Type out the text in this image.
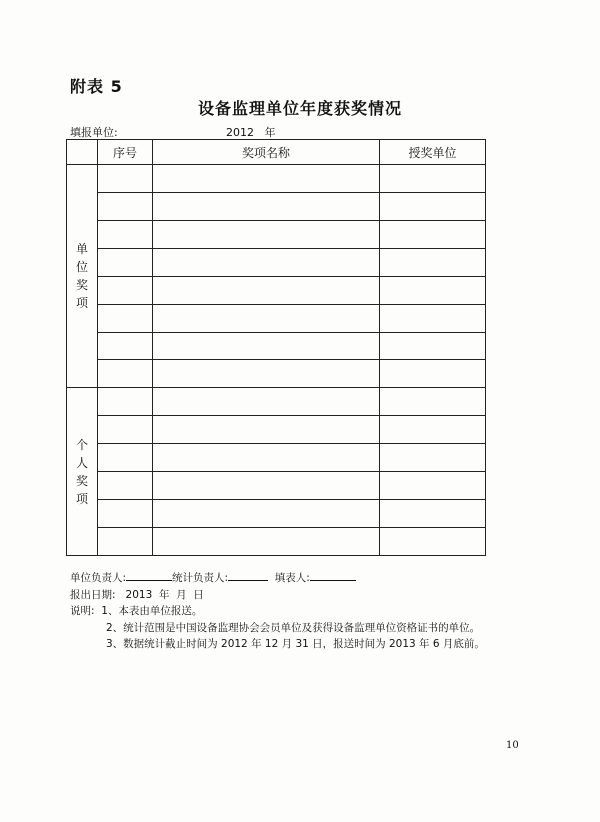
附表 5
设备监理单位年度获奖情况
填报单位:	2012 年
	序号	奖项名称	授奖单位

单
位
奖
项			

个
人
奖
项			

单位负责人:	统计负责人:	填表人:
报出日期:   2013  年  月  日
说明: 1、本表由单位报送。
2、统计范围是中国设备监理协会会员单位及获得设备监理单位资格证书的单位。
3、数据统计截止时间为 2012 年 12 月 31 日，报送时间为 2013 年 6 月底前。
10
